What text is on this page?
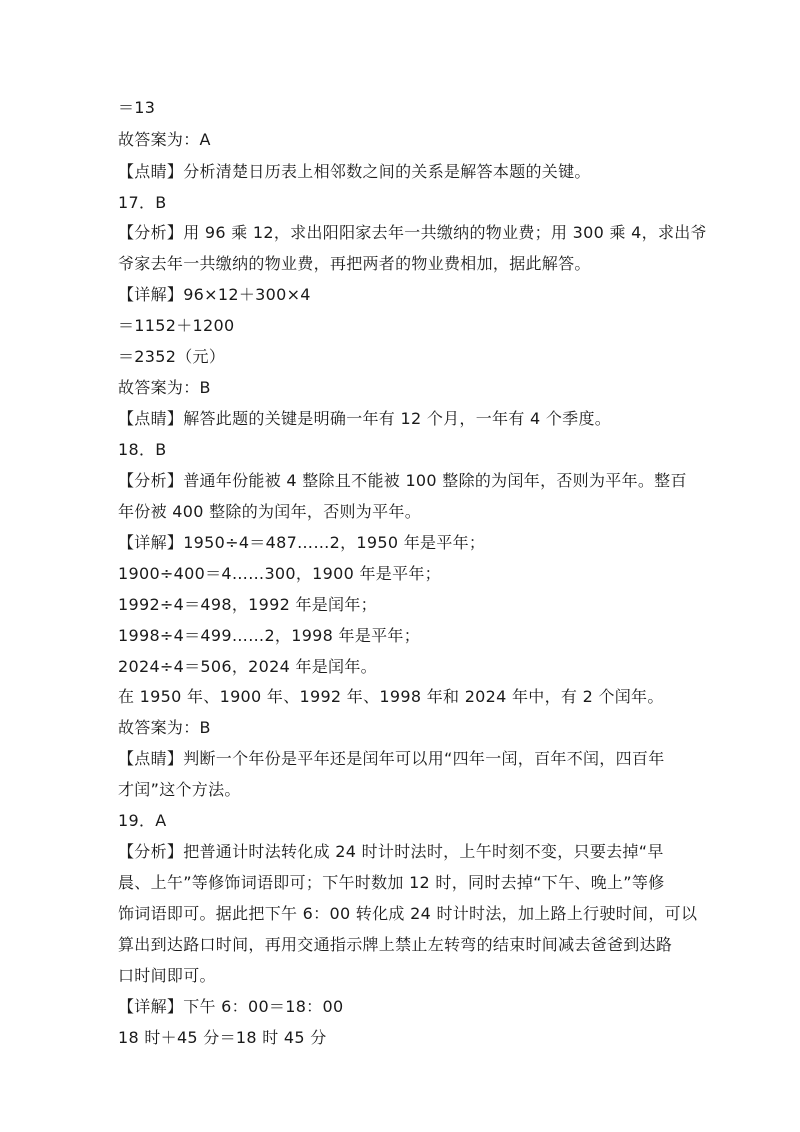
＝13
故答案为：A
【点睛】分析清楚日历表上相邻数之间的关系是解答本题的关键。
17．B
【分析】用 96 乘 12，求出阳阳家去年一共缴纳的物业费；用 300 乘 4，求出爷
爷家去年一共缴纳的物业费，再把两者的物业费相加，据此解答。
【详解】96×12＋300×4
＝1152＋1200
＝2352（元）
故答案为：B
【点睛】解答此题的关键是明确一年有 12 个月，一年有 4 个季度。
18．B
【分析】普通年份能被 4 整除且不能被 100 整除的为闰年，否则为平年。整百
年份被 400 整除的为闰年，否则为平年。
【详解】1950÷4＝487……2，1950 年是平年；
1900÷400＝4……300，1900 年是平年；
1992÷4＝498，1992 年是闰年；
1998÷4＝499……2，1998 年是平年；
2024÷4＝506，2024 年是闰年。
在 1950 年、1900 年、1992 年、1998 年和 2024 年中，有 2 个闰年。
故答案为：B
【点睛】判断一个年份是平年还是闰年可以用“四年一闰，百年不闰，四百年
才闰”这个方法。
19．A
【分析】把普通计时法转化成 24 时计时法时，上午时刻不变，只要去掉“早
晨、上午”等修饰词语即可；下午时数加 12 时，同时去掉“下午、晚上”等修
饰词语即可。据此把下午 6：00 转化成 24 时计时法，加上路上行驶时间，可以
算出到达路口时间，再用交通指示牌上禁止左转弯的结束时间减去爸爸到达路
口时间即可。
【详解】下午 6：00＝18：00
18 时＋45 分＝18 时 45 分
